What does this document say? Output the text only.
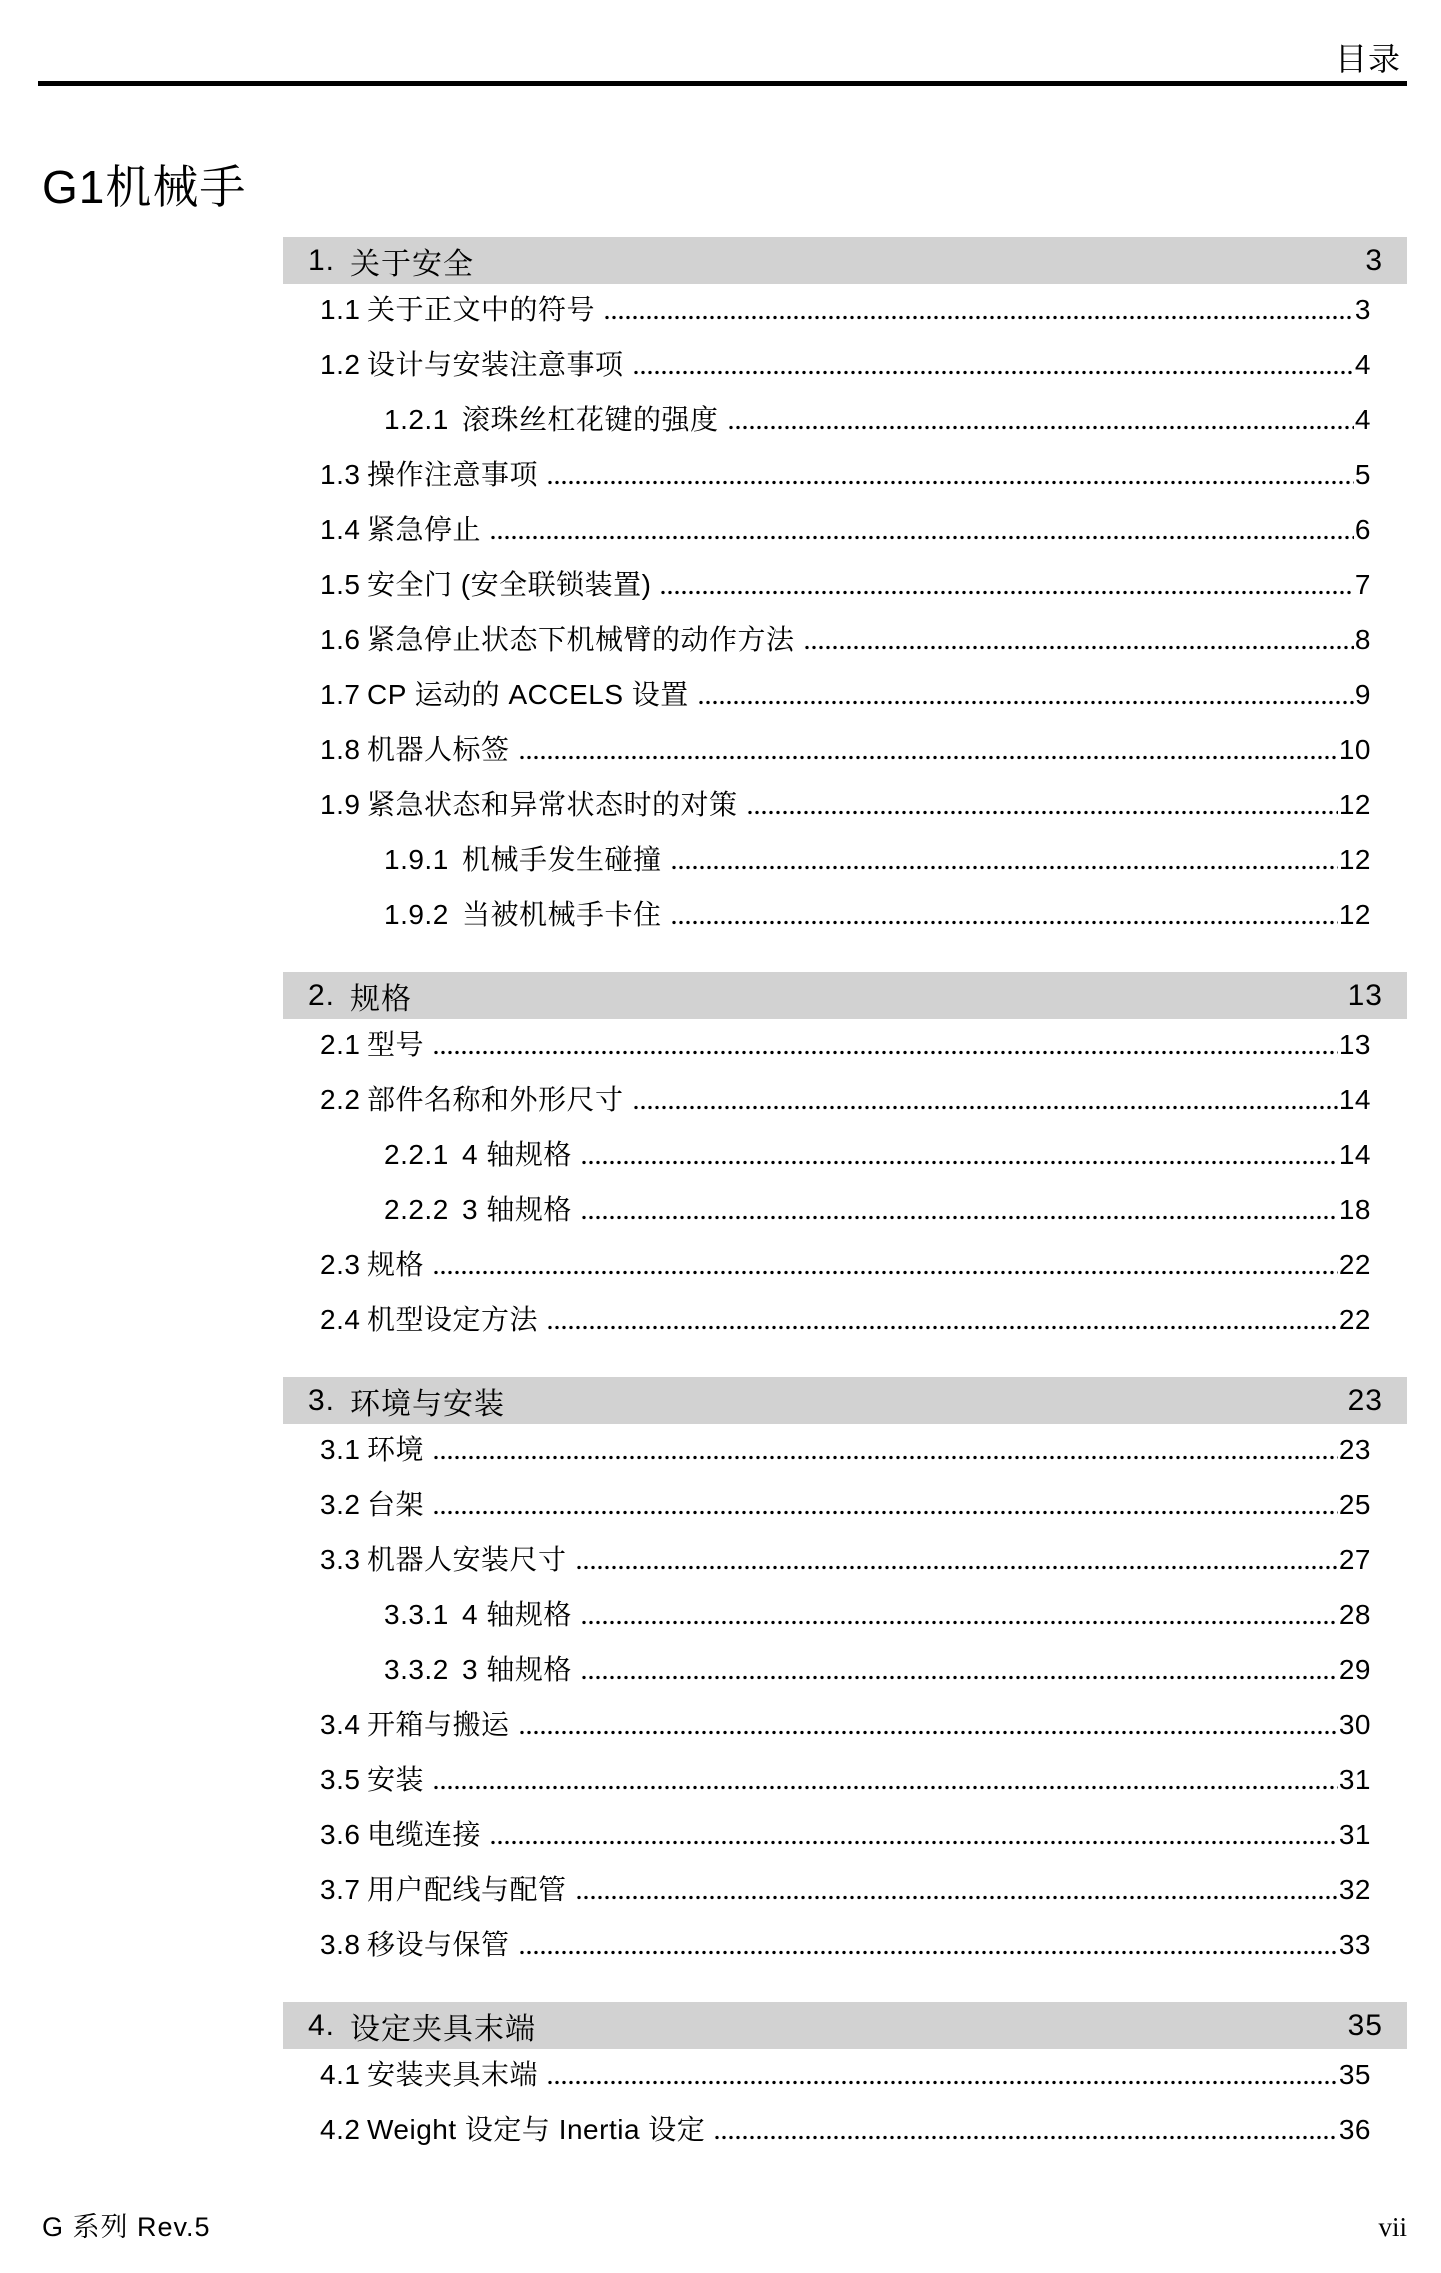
目录
G1机械手
1. 关于安全	3
1.1 关于正文中的符号	3
1.2 设计与安装注意事项	4
1.2.1 滚珠丝杠花键的强度	4
1.3 操作注意事项	5
1.4 紧急停止	6
1.5 安全门 (安全联锁装置)	7
1.6 紧急停止状态下机械臂的动作方法	8
1.7 CP 运动的 ACCELS 设置	9
1.8 机器人标签	10
1.9 紧急状态和异常状态时的对策	12
1.9.1 机械手发生碰撞	12
1.9.2 当被机械手卡住	12
2. 规格	13
2.1 型号	13
2.2 部件名称和外形尺寸	14
2.2.1 4 轴规格	14
2.2.2 3 轴规格	18
2.3 规格	22
2.4 机型设定方法	22
3. 环境与安装	23
3.1 环境	23
3.2 台架	25
3.3 机器人安装尺寸	27
3.3.1 4 轴规格	28
3.3.2 3 轴规格	29
3.4 开箱与搬运	30
3.5 安装	31
3.6 电缆连接	31
3.7 用户配线与配管	32
3.8 移设与保管	33
4. 设定夹具末端	35
4.1 安装夹具末端	35
4.2 Weight 设定与 Inertia 设定	36
G 系列 Rev.5	vii
